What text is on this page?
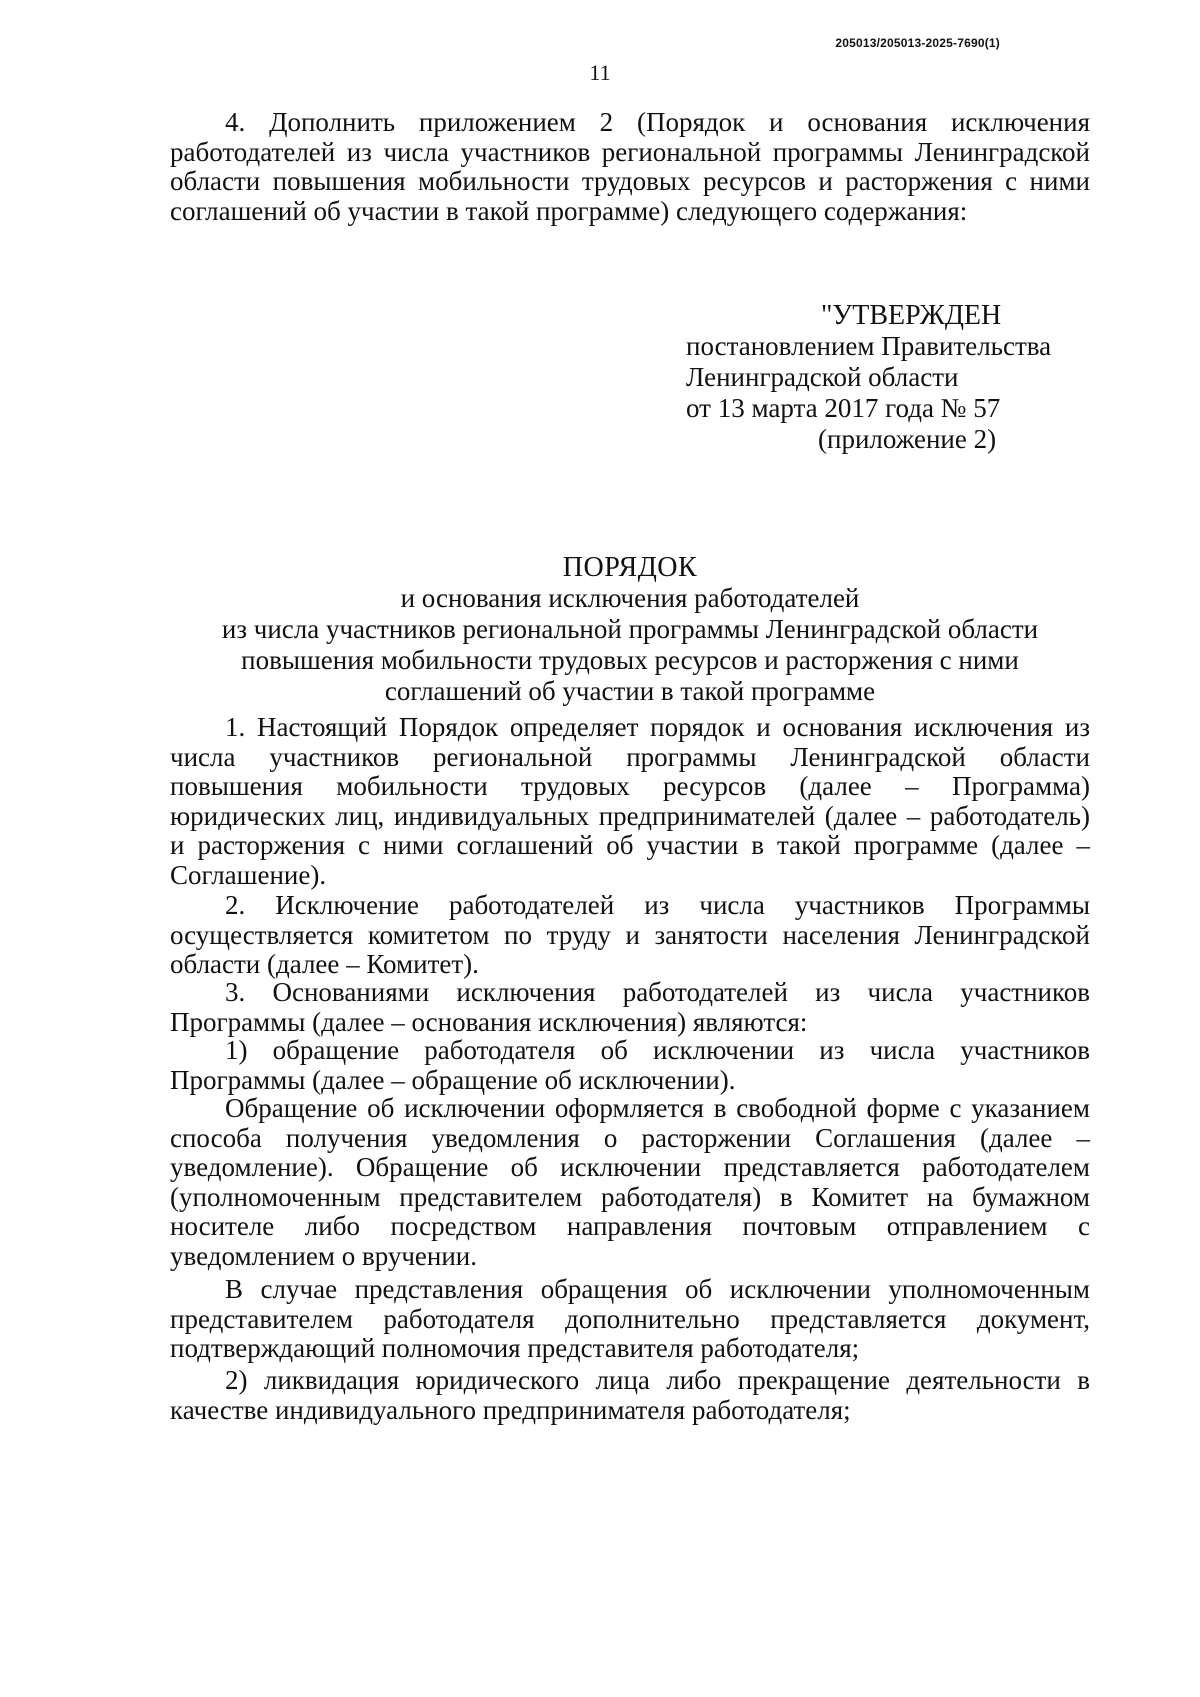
205013/205013-2025-7690(1)
11

4. Дополнить приложением 2 (Порядок и основания исключения работодателей из числа участников региональной программы Ленинградской области повышения мобильности трудовых ресурсов и расторжения с ними соглашений об участии в такой программе) следующего содержания:

"УТВЕРЖДЕН
постановлением Правительства
Ленинградской области
от 13 марта 2017 года № 57
(приложение 2)
ПОРЯДОК
и основания исключения работодателей
из числа участников региональной программы Ленинградской области
повышения мобильности трудовых ресурсов и расторжения с ними
соглашений об участии в такой программе

1. Настоящий Порядок определяет порядок и основания исключения из числа участников региональной программы Ленинградской области повышения мобильности трудовых ресурсов (далее – Программа) юридических лиц, индивидуальных предпринимателей (далее – работодатель) и расторжения с ними соглашений об участии в такой программе (далее – Соглашение).

2. Исключение работодателей из числа участников Программы осуществляется комитетом по труду и занятости населения Ленинградской области (далее – Комитет).

3. Основаниями исключения работодателей из числа участников Программы (далее – основания исключения) являются:

1) обращение работодателя об исключении из числа участников Программы (далее – обращение об исключении).

Обращение об исключении оформляется в свободной форме с указанием способа получения уведомления о расторжении Соглашения (далее – уведомление). Обращение об исключении представляется работодателем (уполномоченным представителем работодателя) в Комитет на бумажном носителе либо посредством направления почтовым отправлением с уведомлением о вручении.

В случае представления обращения об исключении уполномоченным представителем работодателя дополнительно представляется документ, подтверждающий полномочия представителя работодателя;

2) ликвидация юридического лица либо прекращение деятельности в качестве индивидуального предпринимателя работодателя;
